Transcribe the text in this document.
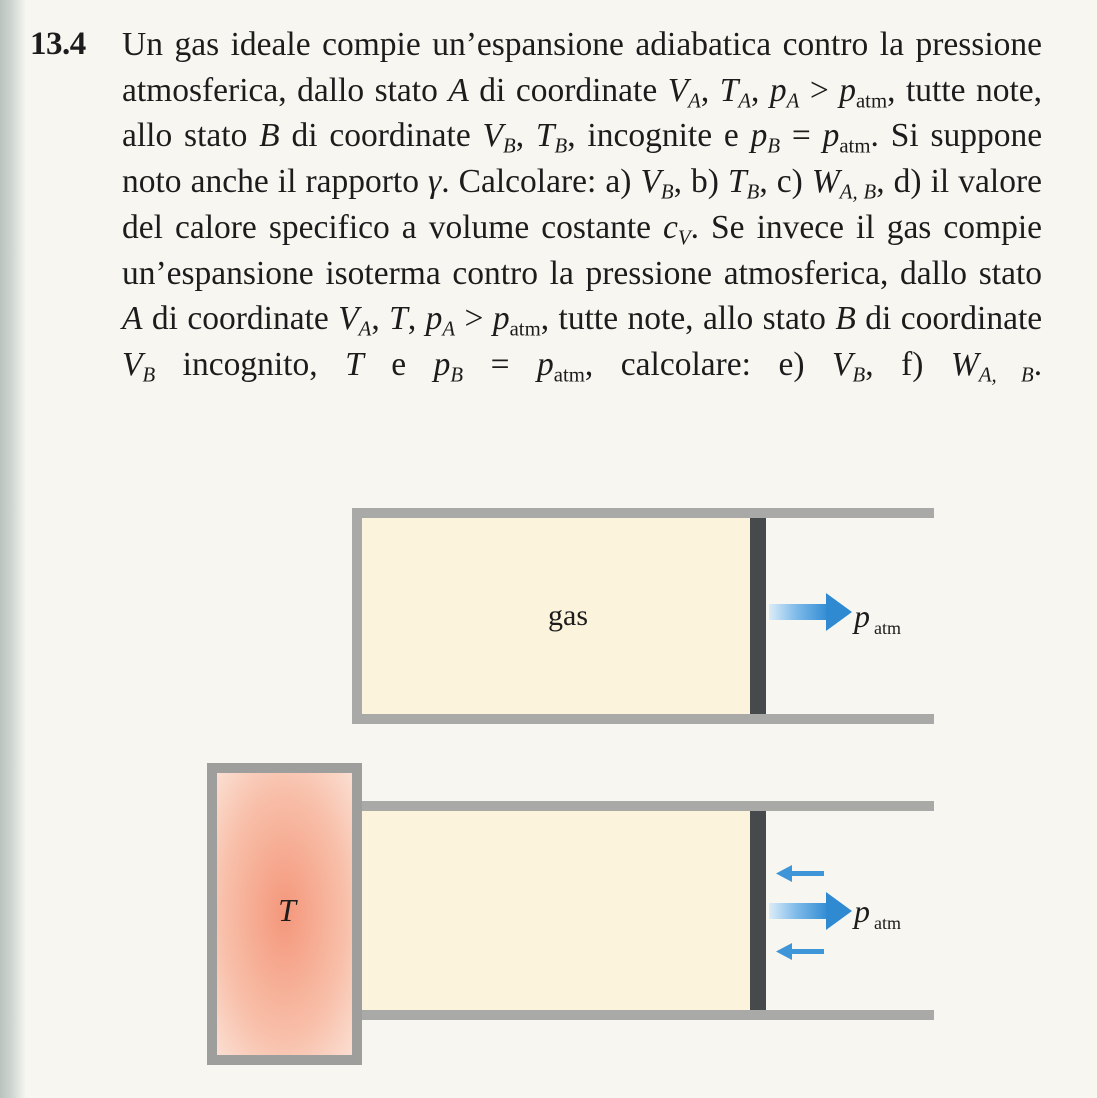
13.4 Un gas ideale compie un’espansione adiabatica contro la pressione atmosferica, dallo stato A di coordinate $V_A$, $T_A$, $p_A > p_{atm}$, tutte note, allo stato B di coordinate $V_B$, $T_B$, incognite e $p_B = p_{atm}$. Si suppone noto anche il rapporto γ. Calcolare: a) $V_B$, b) $T_B$, c) $W_{A, B}$, d) il valore del calore specifico a volume costante $c_V$. Se invece il gas compie un’espansione isoterma contro la pressione atmosferica, dallo stato A di coordinate $V_A$, T, $p_A > p_{atm}$, tutte note, allo stato B di coordinate $V_B$ incognito, T e $p_B = p_{atm}$, calcolare: e) $V_B$, f) $W_{A, B}$.
gas	p atm
T	p atm
